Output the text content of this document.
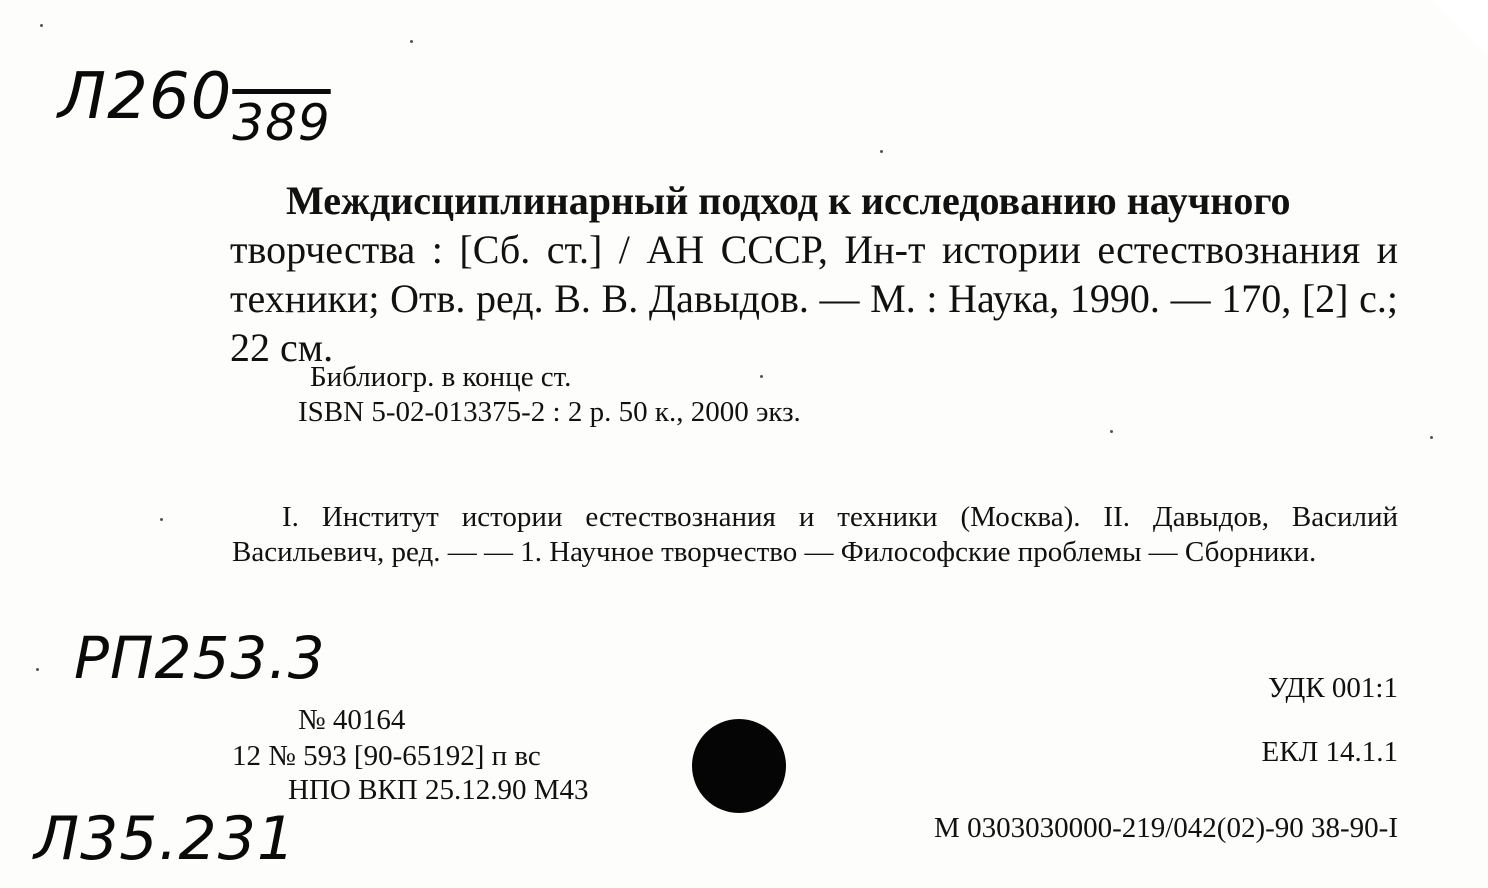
$Л260_{389}$
Междисциплинарный подход к исследованию научного
творчества : [Сб. ст.] / АН СССР, Ин-т истории естествознания и техники; Отв. ред. В. В. Давыдов. — М. : Наука, 1990. — 170, [2] с.; 22 см.
Библиогр. в конце ст.
ISBN 5-02-013375-2 : 2 р. 50 к., 2000 экз.
I. Институт истории естествознания и техники (Москва). II. Давыдов, Василий Васильевич, ред. — — 1. Научное творчество — Философские проблемы — Сборники.
РП253.3	УДК 001:1
ЕКЛ 14.1.1
№ 40164
12 № 593 [90-65192] п вс
НПО ВКП 25.12.90 М43
М 0303030000-219/042(02)-90 38-90-I
Л35.231
